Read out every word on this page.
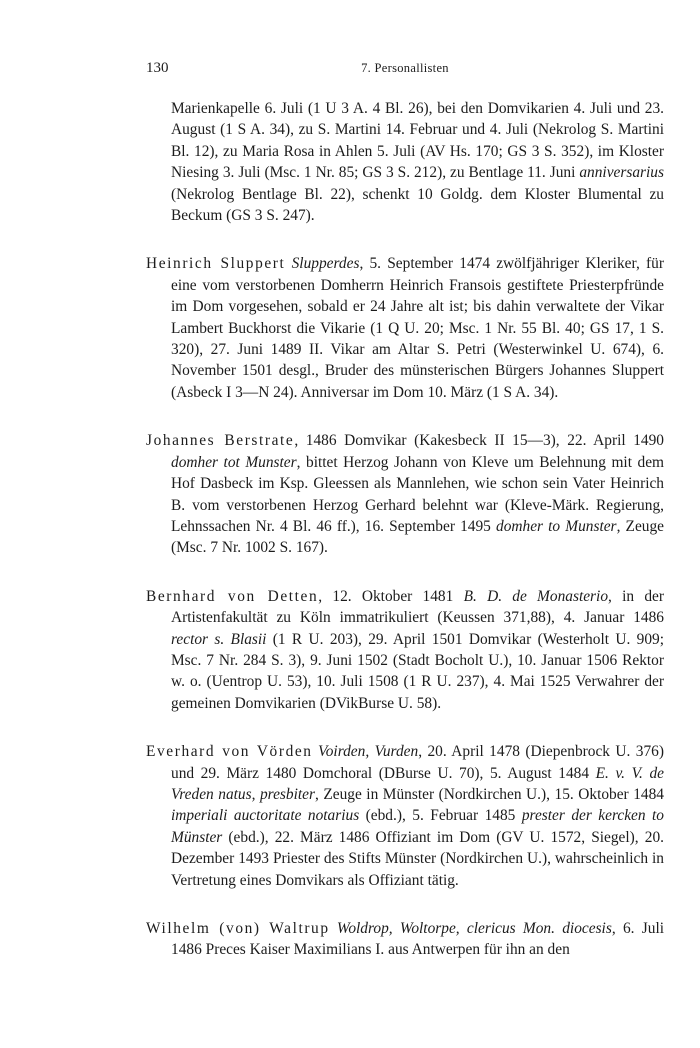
130	7. Personallisten

Marienkapelle 6. Juli (1 U 3 A. 4 Bl. 26), bei den Domvikarien 4. Juli und 23. August (1 S A. 34), zu S. Martini 14. Februar und 4. Juli (Nekrolog S. Martini Bl. 12), zu Maria Rosa in Ahlen 5. Juli (AV Hs. 170; GS 3 S. 352), im Kloster Niesing 3. Juli (Msc. 1 Nr. 85; GS 3 S. 212), zu Bentlage 11. Juni anniversarius (Nekrolog Bentlage Bl. 22), schenkt 10 Goldg. dem Kloster Blumental zu Beckum (GS 3 S. 247).

Heinrich Sluppert Slupperdes, 5. September 1474 zwölfjähriger Kleriker, für eine vom verstorbenen Domherrn Heinrich Fransois gestiftete Priesterpfründe im Dom vorgesehen, sobald er 24 Jahre alt ist; bis dahin verwaltete der Vikar Lambert Buckhorst die Vikarie (1 Q U. 20; Msc. 1 Nr. 55 Bl. 40; GS 17, 1 S. 320), 27. Juni 1489 II. Vikar am Altar S. Petri (Westerwinkel U. 674), 6. November 1501 desgl., Bruder des münsterischen Bürgers Johannes Sluppert (Asbeck I 3—N 24). Anniversar im Dom 10. März (1 S A. 34).

Johannes Berstrate, 1486 Domvikar (Kakesbeck II 15—3), 22. April 1490 domher tot Munster, bittet Herzog Johann von Kleve um Belehnung mit dem Hof Dasbeck im Ksp. Gleessen als Mannlehen, wie schon sein Vater Heinrich B. vom verstorbenen Herzog Gerhard belehnt war (Kleve-Märk. Regierung, Lehnssachen Nr. 4 Bl. 46 ff.), 16. September 1495 domher to Munster, Zeuge (Msc. 7 Nr. 1002 S. 167).

Bernhard von Detten, 12. Oktober 1481 B. D. de Monasterio, in der Artistenfakultät zu Köln immatrikuliert (Keussen 371,88), 4. Januar 1486 rector s. Blasii (1 R U. 203), 29. April 1501 Domvikar (Westerholt U. 909; Msc. 7 Nr. 284 S. 3), 9. Juni 1502 (Stadt Bocholt U.), 10. Januar 1506 Rektor w. o. (Uentrop U. 53), 10. Juli 1508 (1 R U. 237), 4. Mai 1525 Verwahrer der gemeinen Domvikarien (DVikBurse U. 58).

Everhard von Vörden Voirden, Vurden, 20. April 1478 (Diepenbrock U. 376) und 29. März 1480 Domchoral (DBurse U. 70), 5. August 1484 E. v. V. de Vreden natus, presbiter, Zeuge in Münster (Nordkirchen U.), 15. Oktober 1484 imperiali auctoritate notarius (ebd.), 5. Februar 1485 prester der kercken to Münster (ebd.), 22. März 1486 Offiziant im Dom (GV U. 1572, Siegel), 20. Dezember 1493 Priester des Stifts Münster (Nordkirchen U.), wahrscheinlich in Vertretung eines Domvikars als Offiziant tätig.

Wilhelm (von) Waltrup Woldrop, Woltorpe, clericus Mon. diocesis, 6. Juli 1486 Preces Kaiser Maximilians I. aus Antwerpen für ihn an den
